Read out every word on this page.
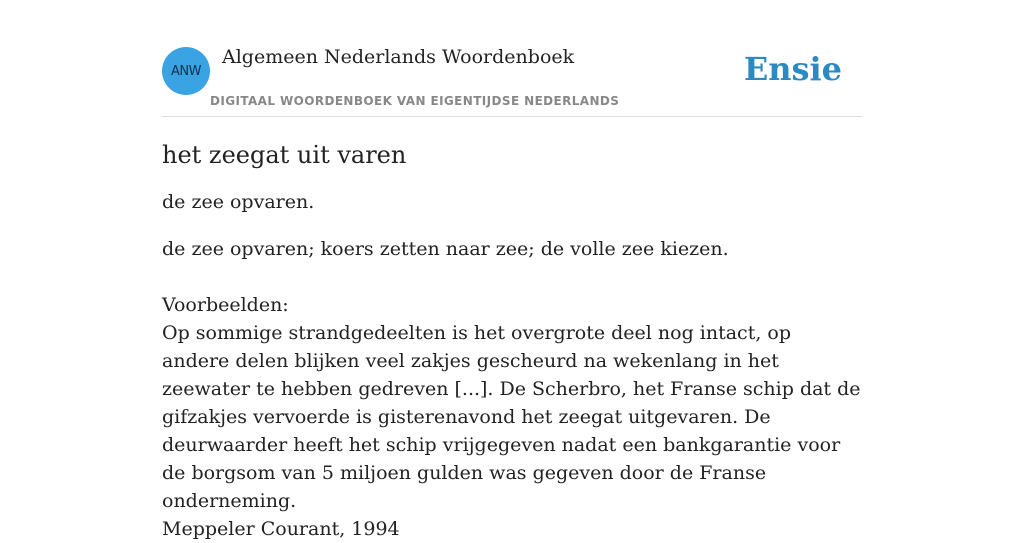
ANW
Algemeen Nederlands Woordenboek
DIGITAAL WOORDENBOEK VAN EIGENTIJDSE NEDERLANDS
Ensie
het zeegat uit varen

de zee opvaren.

de zee opvaren; koers zetten naar zee; de volle zee kiezen.

Voorbeelden:

Op sommige strandgedeelten is het overgrote deel nog intact, op andere delen blijken veel zakjes gescheurd na wekenlang in het zeewater te hebben gedreven [...]. De Scherbro, het Franse schip dat de gifzakjes vervoerde is gisterenavond het zeegat uitgevaren. De deurwaarder heeft het schip vrijgegeven nadat een bankgarantie voor de borgsom van 5 miljoen gulden was gegeven door de Franse onderneming.

Meppeler Courant, 1994
